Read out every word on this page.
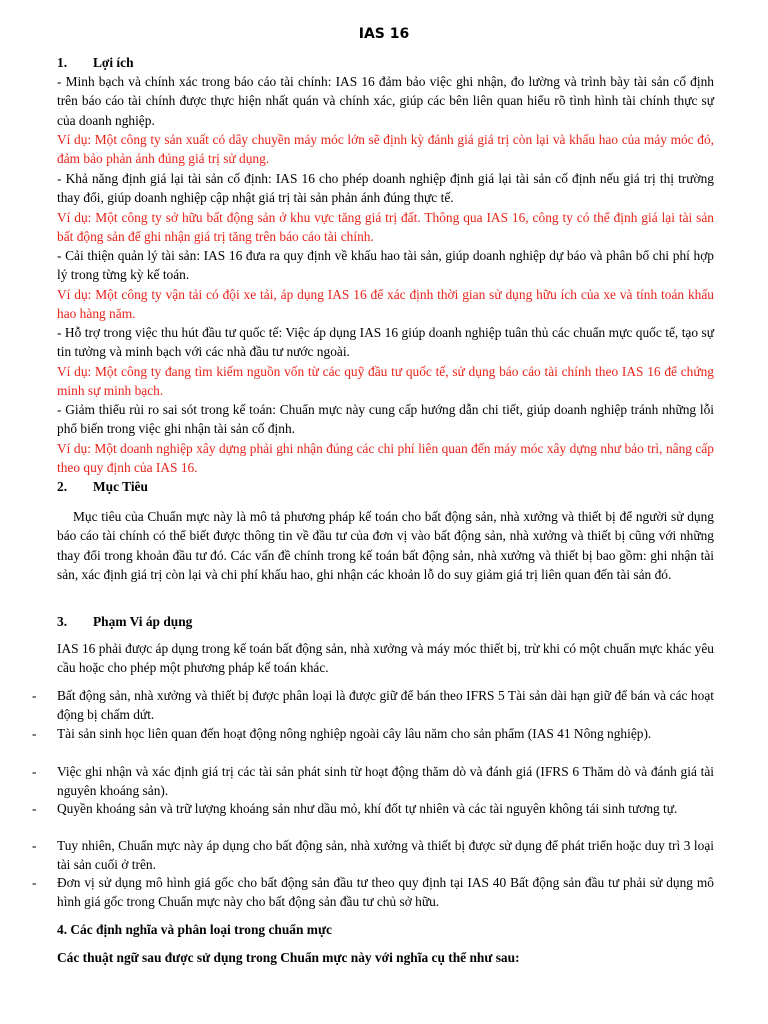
IAS 16
1. Lợi ích
- Minh bạch và chính xác trong báo cáo tài chính: IAS 16 đảm bảo việc ghi nhận, đo lường và trình bày tài sản cố định trên báo cáo tài chính được thực hiện nhất quán và chính xác, giúp các bên liên quan hiểu rõ tình hình tài chính thực sự của doanh nghiệp.
Ví dụ: Một công ty sản xuất có dây chuyền máy móc lớn sẽ định kỳ đánh giá giá trị còn lại và khấu hao của máy móc đó, đảm bảo phản ánh đúng giá trị sử dụng.
- Khả năng định giá lại tài sản cố định: IAS 16 cho phép doanh nghiệp định giá lại tài sản cố định nếu giá trị thị trường thay đổi, giúp doanh nghiệp cập nhật giá trị tài sản phản ánh đúng thực tế.
Ví dụ: Một công ty sở hữu bất động sản ở khu vực tăng giá trị đất. Thông qua IAS 16, công ty có thể định giá lại tài sản bất động sản để ghi nhận giá trị tăng trên báo cáo tài chính.
- Cải thiện quản lý tài sản: IAS 16 đưa ra quy định về khấu hao tài sản, giúp doanh nghiệp dự báo và phân bổ chi phí hợp lý trong từng kỳ kế toán.
Ví dụ: Một công ty vận tải có đội xe tải, áp dụng IAS 16 để xác định thời gian sử dụng hữu ích của xe và tính toán khấu hao hàng năm.
- Hỗ trợ trong việc thu hút đầu tư quốc tế: Việc áp dụng IAS 16 giúp doanh nghiệp tuân thủ các chuẩn mực quốc tế, tạo sự tin tưởng và minh bạch với các nhà đầu tư nước ngoài.
Ví dụ: Một công ty đang tìm kiếm nguồn vốn từ các quỹ đầu tư quốc tế, sử dụng báo cáo tài chính theo IAS 16 để chứng minh sự minh bạch.
- Giảm thiểu rủi ro sai sót trong kế toán: Chuẩn mực này cung cấp hướng dẫn chi tiết, giúp doanh nghiệp tránh những lỗi phổ biến trong việc ghi nhận tài sản cố định.
Ví dụ: Một doanh nghiệp xây dựng phải ghi nhận đúng các chi phí liên quan đến máy móc xây dựng như bảo trì, nâng cấp theo quy định của IAS 16.
2. Mục Tiêu
Mục tiêu của Chuẩn mực này là mô tả phương pháp kế toán cho bất động sản, nhà xưởng và thiết bị để người sử dụng báo cáo tài chính có thể biết được thông tin về đầu tư của đơn vị vào bất động sản, nhà xưởng và thiết bị cũng với những thay đổi trong khoản đầu tư đó. Các vấn đề chính trong kế toán bất động sản, nhà xưởng và thiết bị bao gồm: ghi nhận tài sản, xác định giá trị còn lại và chi phí khấu hao, ghi nhận các khoản lỗ do suy giảm giá trị liên quan đến tài sản đó.
3. Phạm Vi áp dụng
IAS 16 phải được áp dụng trong kế toán bất động sản, nhà xưởng và máy móc thiết bị, trừ khi có một chuẩn mực khác yêu cầu hoặc cho phép một phương pháp kế toán khác.
- Bất động sản, nhà xưởng và thiết bị được phân loại là được giữ để bán theo IFRS 5 Tài sản dài hạn giữ để bán và các hoạt động bị chấm dứt.
- Tài sản sinh học liên quan đến hoạt động nông nghiệp ngoài cây lâu năm cho sản phẩm (IAS 41 Nông nghiệp).
- Việc ghi nhận và xác định giá trị các tài sản phát sinh từ hoạt động thăm dò và đánh giá (IFRS 6 Thăm dò và đánh giá tài nguyên khoáng sản).
- Quyền khoáng sản và trữ lượng khoáng sản như dầu mỏ, khí đốt tự nhiên và các tài nguyên không tái sinh tương tự.
- Tuy nhiên, Chuẩn mực này áp dụng cho bất động sản, nhà xưởng và thiết bị được sử dụng để phát triển hoặc duy trì 3 loại tài sản cuối ở trên.
- Đơn vị sử dụng mô hình giá gốc cho bất động sản đầu tư theo quy định tại IAS 40 Bất động sản đầu tư phải sử dụng mô hình giá gốc trong Chuẩn mực này cho bất động sản đầu tư chủ sở hữu.
4. Các định nghĩa và phân loại trong chuẩn mực
Các thuật ngữ sau được sử dụng trong Chuẩn mực này với nghĩa cụ thể như sau:
